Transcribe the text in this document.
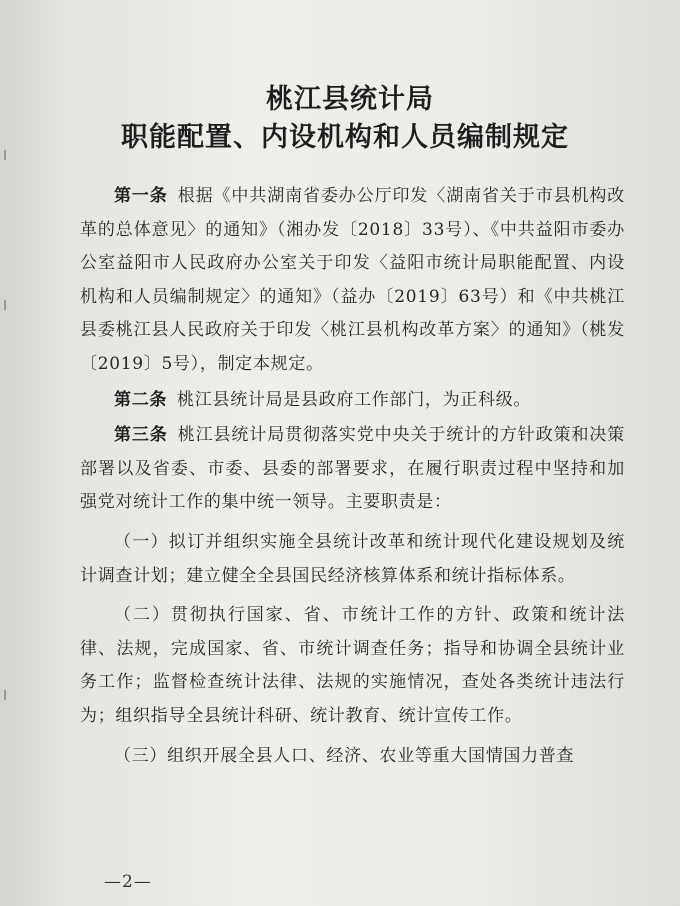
桃江县统计局
职能配置、内设机构和人员编制规定

第一条 根据《中共湖南省委办公厅印发〈湖南省关于市县机构改革的总体意见〉的通知》（湘办发〔2018〕33号）、《中共益阳市委办公室益阳市人民政府办公室关于印发〈益阳市统计局职能配置、内设机构和人员编制规定〉的通知》（益办〔2019〕63号）和《中共桃江县委桃江县人民政府关于印发〈桃江县机构改革方案〉的通知》（桃发〔2019〕5号），制定本规定。

第二条 桃江县统计局是县政府工作部门，为正科级。

第三条 桃江县统计局贯彻落实党中央关于统计的方针政策和决策部署以及省委、市委、县委的部署要求，在履行职责过程中坚持和加强党对统计工作的集中统一领导。主要职责是：

（一）拟订并组织实施全县统计改革和统计现代化建设规划及统计调查计划；建立健全全县国民经济核算体系和统计指标体系。

（二）贯彻执行国家、省、市统计工作的方针、政策和统计法律、法规，完成国家、省、市统计调查任务；指导和协调全县统计业务工作；监督检查统计法律、法规的实施情况，查处各类统计违法行为；组织指导全县统计科研、统计教育、统计宣传工作。

（三）组织开展全县人口、经济、农业等重大国情国力普查

—2—
